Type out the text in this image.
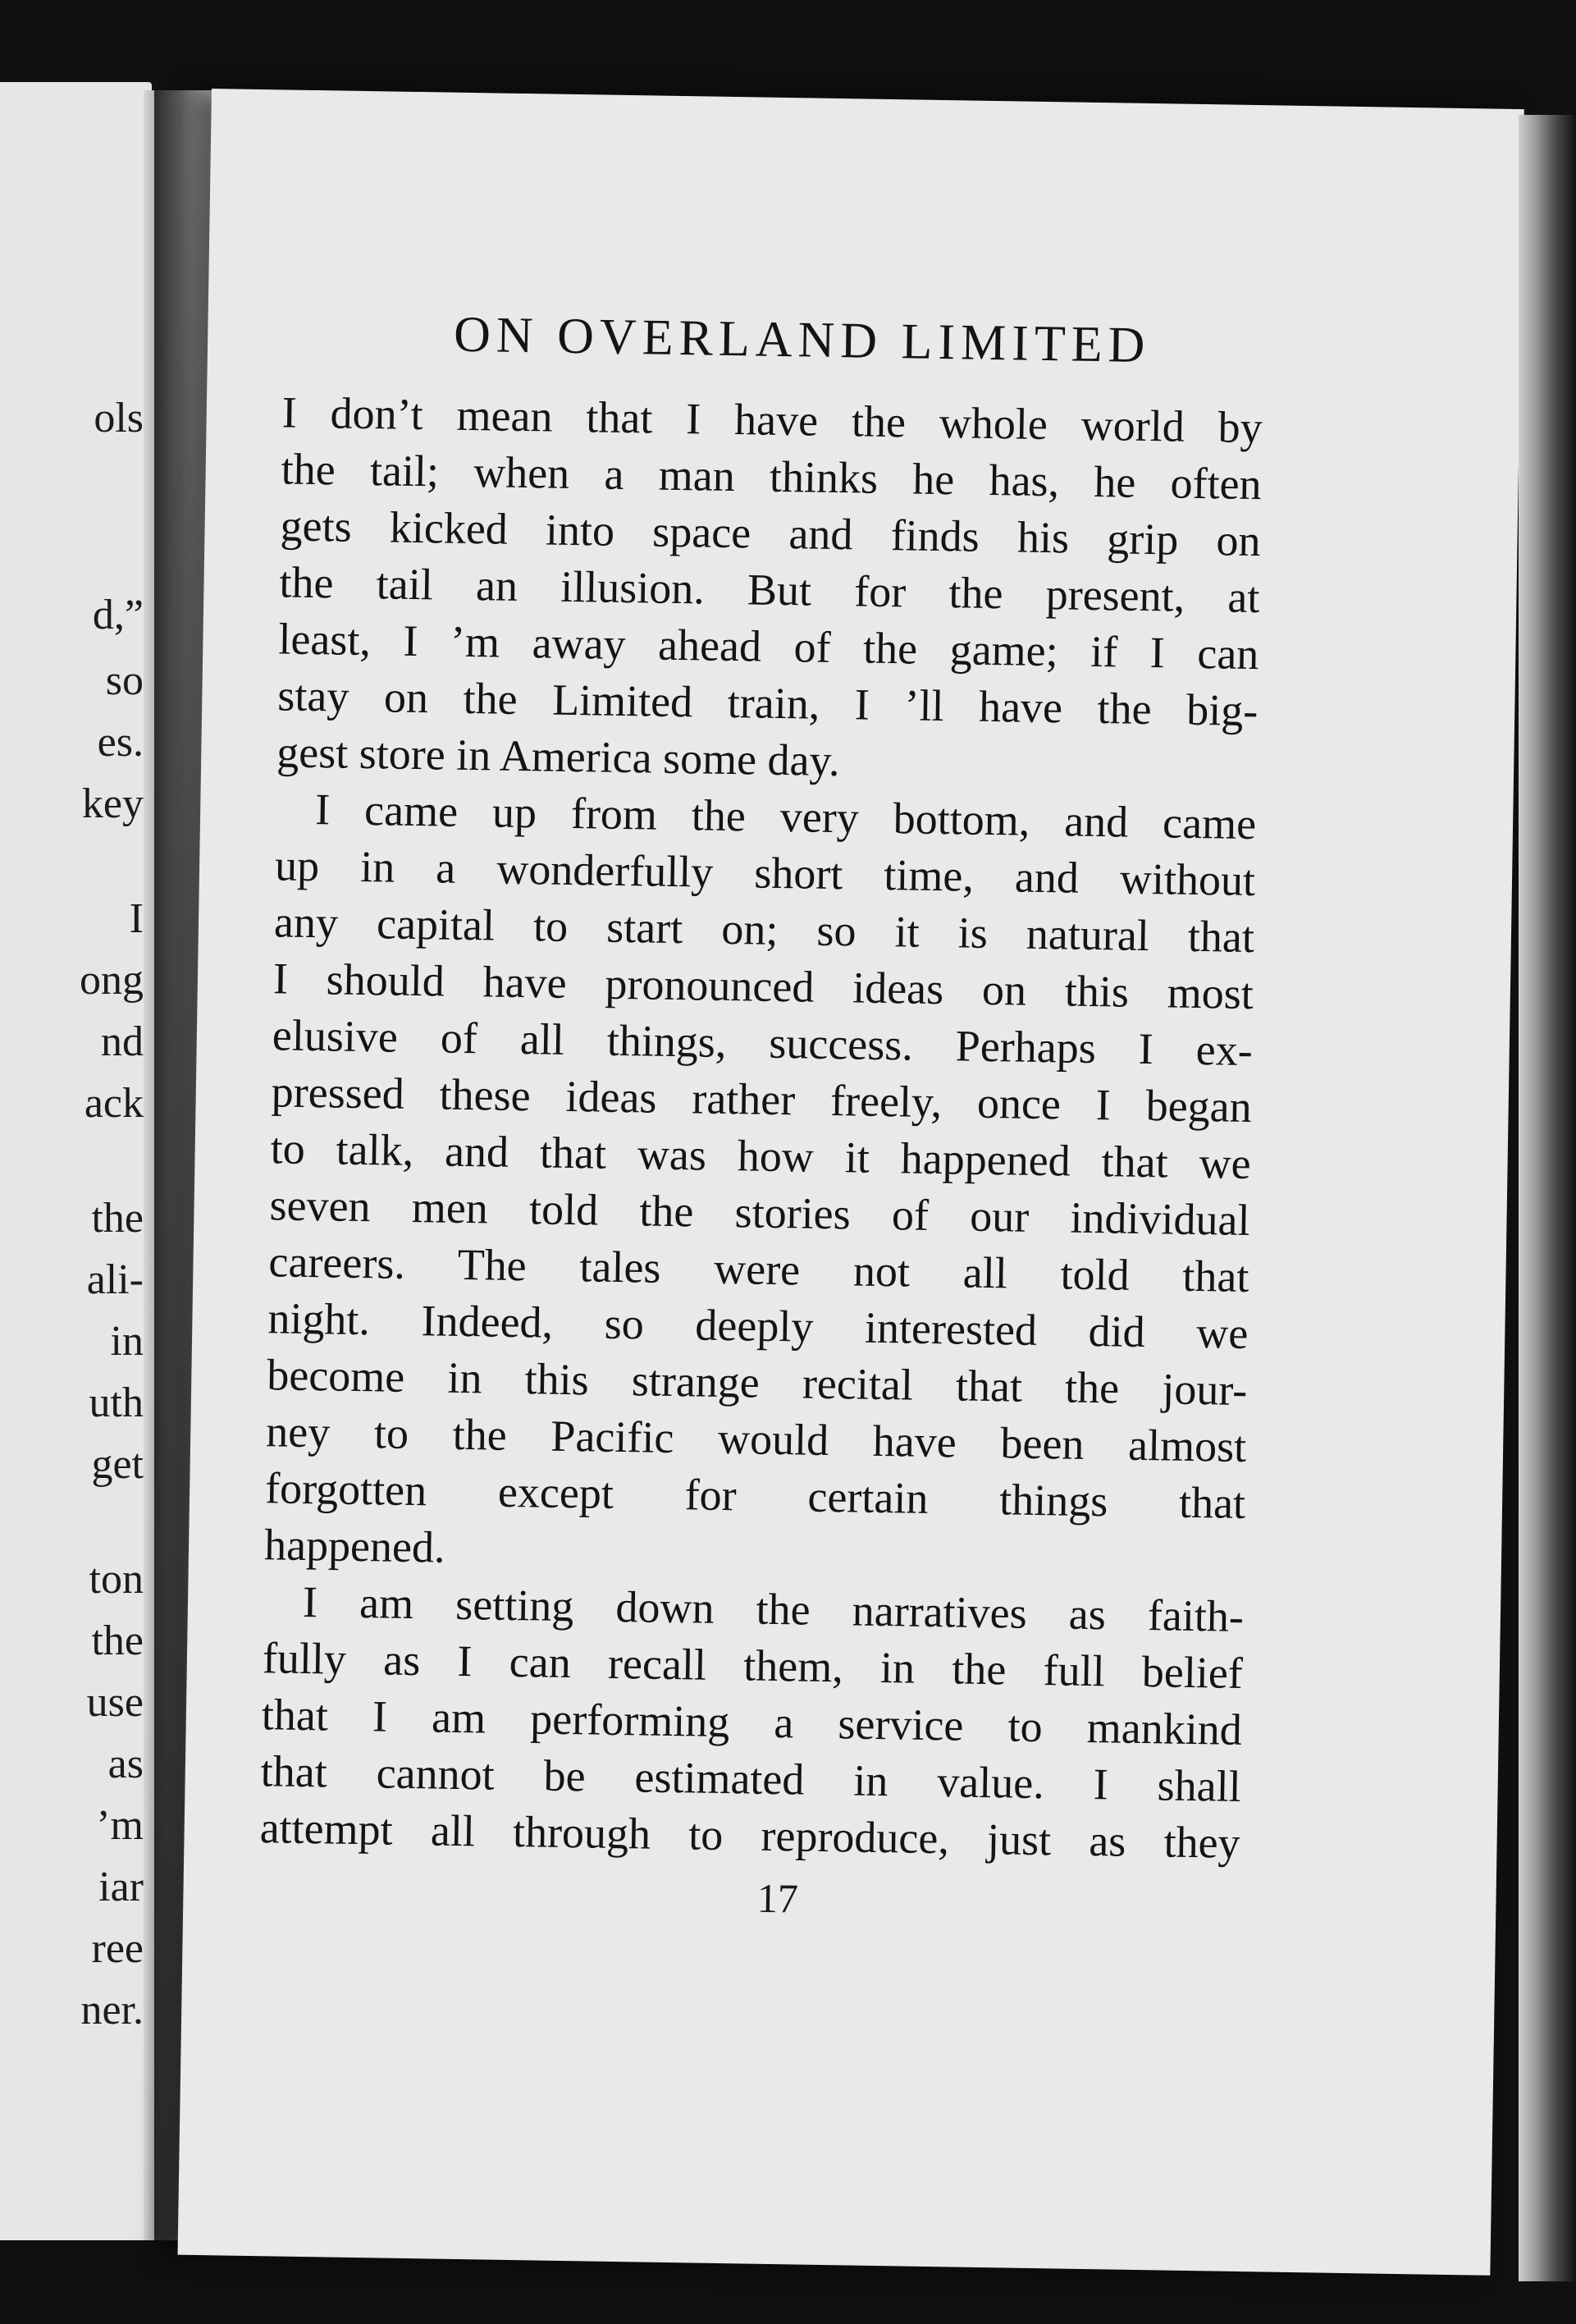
ols
d,”
so
es.
key
I
ong
nd
ack
the
ali-
in
uth
get
ton
the
use
as
’m
iar
ree
ner.
ON OVERLAND LIMITED
I don’t mean that I have the whole world by
the tail; when a man thinks he has, he often
gets kicked into space and finds his grip on
the tail an illusion. But for the present, at
least, I ’m away ahead of the game; if I can
stay on the Limited train, I ’ll have the big-
gest store in America some day.
I came up from the very bottom, and came
up in a wonderfully short time, and without
any capital to start on; so it is natural that
I should have pronounced ideas on this most
elusive of all things, success. Perhaps I ex-
pressed these ideas rather freely, once I began
to talk, and that was how it happened that we
seven men told the stories of our individual
careers. The tales were not all told that
night. Indeed, so deeply interested did we
become in this strange recital that the jour-
ney to the Pacific would have been almost
forgotten except for certain things that
happened.
I am setting down the narratives as faith-
fully as I can recall them, in the full belief
that I am performing a service to mankind
that cannot be estimated in value. I shall
attempt all through to reproduce, just as they
17
